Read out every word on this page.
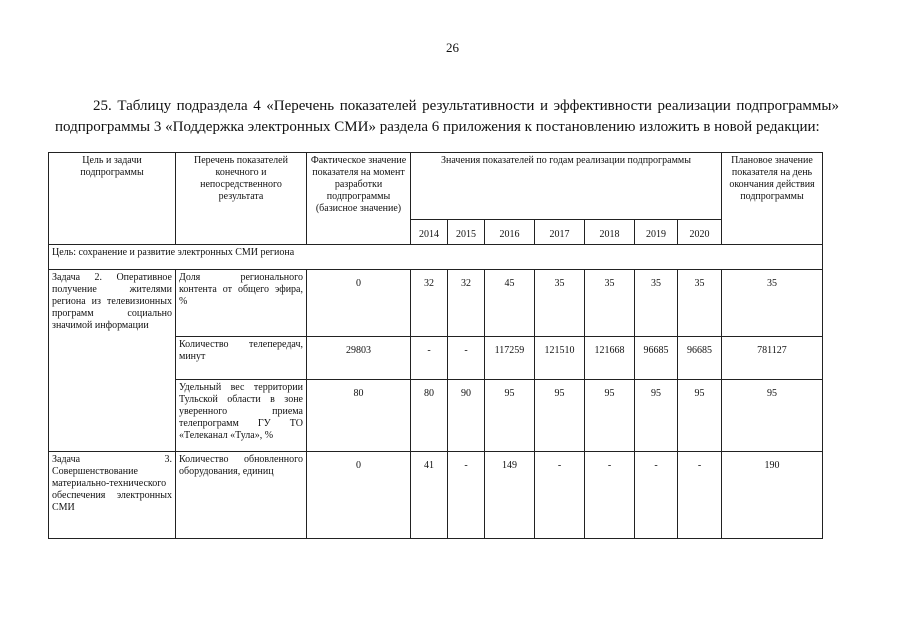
26
25. Таблицу подраздела 4 «Перечень показателей результативности и эффективности реализации подпрограммы» подпрограммы 3 «Поддержка электронных СМИ» раздела 6 приложения к постановлению изложить в новой редакции:
Цель и задачи подпрограммы	Перечень показателей конечного и непосредственного результата	Фактическое значение показателя на момент разработки подпрограммы (базисное значение)	Значения показателей по годам реализации подпрограммы							Плановое значение показателя на день окончания действия подпрограммы
			2014	2015	2016	2017	2018	2019	2020	
Цель: сохранение и развитие электронных СМИ региона										
Задача 2. Оперативное получение жителями региона из телевизионных программ социально значимой информации	Доля регионального контента от общего эфира, %	0	32	32	45	35	35	35	35	35
	Количество телепередач, минут	29803	-	-	117259	121510	121668	96685	96685	781127
	Удельный вес территории Тульской области в зоне уверенного приема телепрограмм ГУ ТО «Телеканал «Тула», %	80	80	90	95	95	95	95	95	95
Задача 3. Совершенствование материально-технического обеспечения электронных СМИ	Количество обновленного оборудования, единиц	0	41	-	149	-	-	-	-	190
